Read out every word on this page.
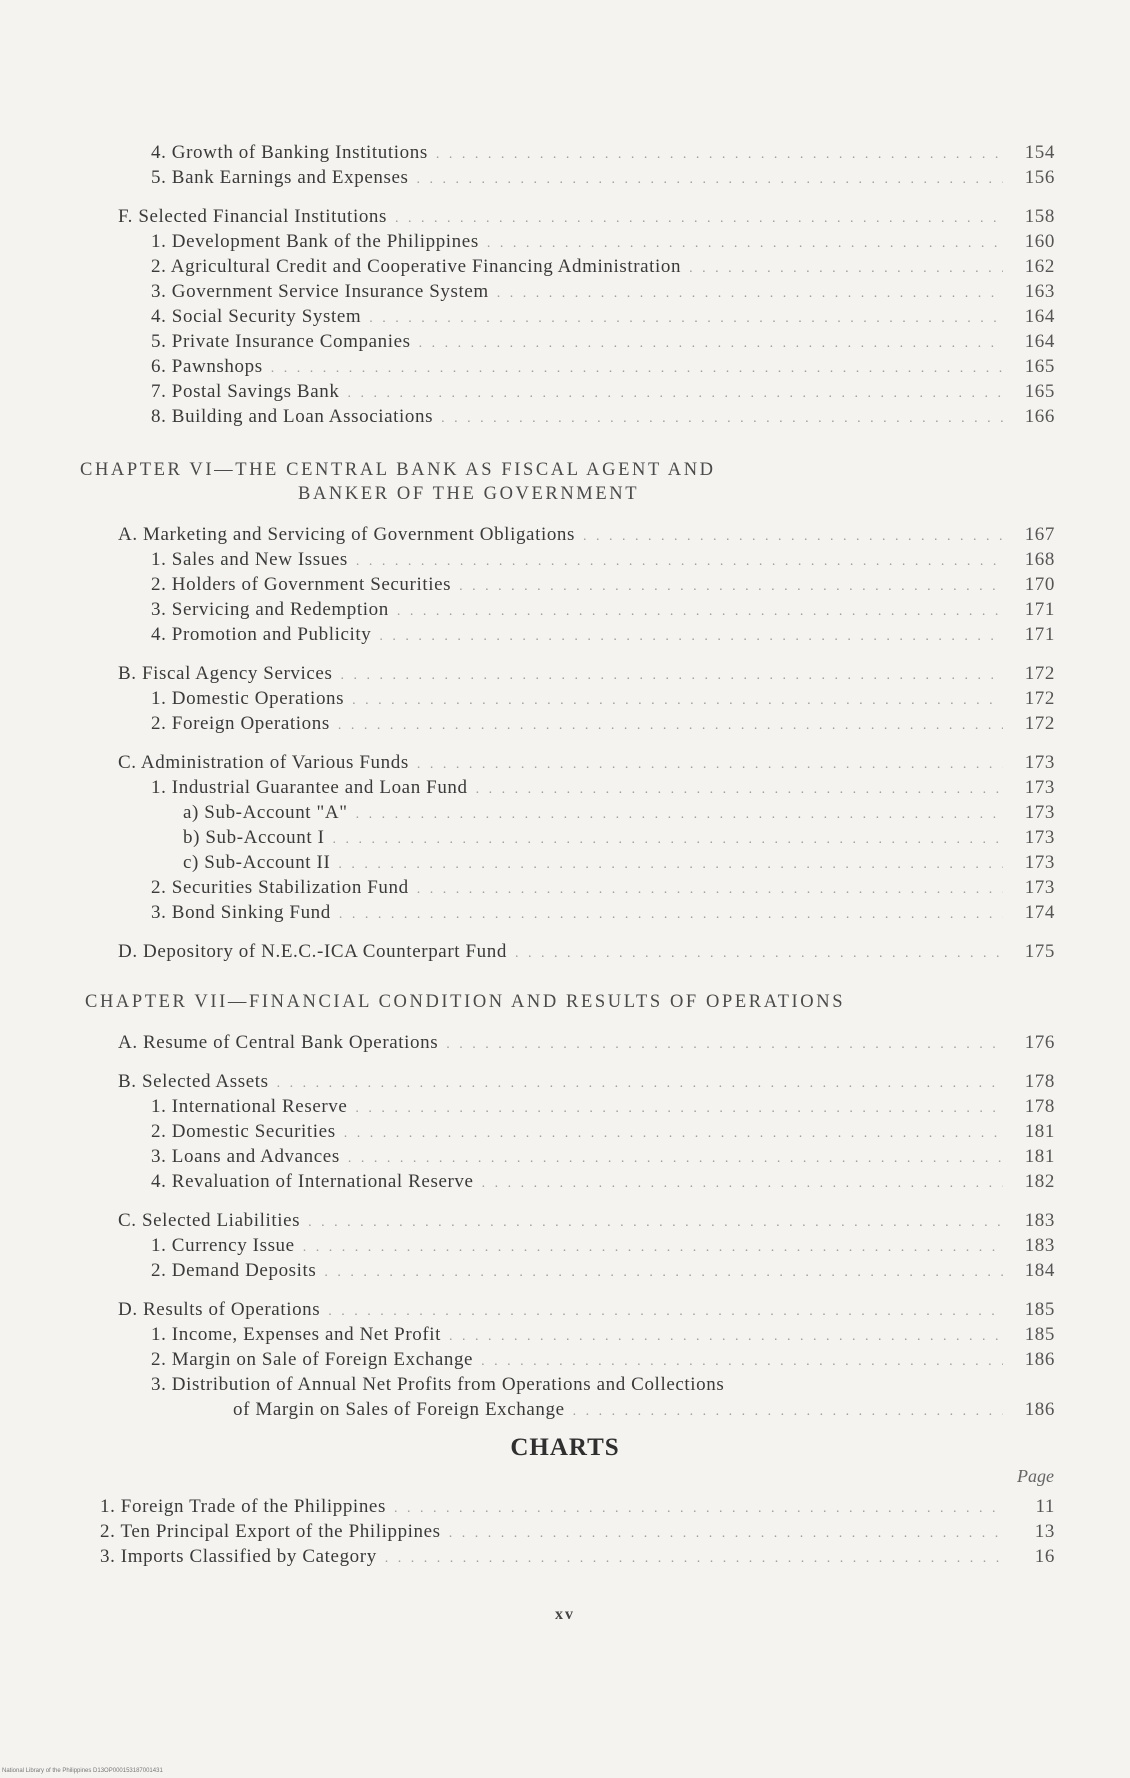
4. Growth of Banking Institutions . . .	154
5. Bank Earnings and Expenses . . .	156
F. Selected Financial Institutions . . .	158
1. Development Bank of the Philippines . . .	160
2. Agricultural Credit and Cooperative Financing Administration . . .	162
3. Government Service Insurance System . . .	163
4. Social Security System . . .	164
5. Private Insurance Companies . . .	164
6. Pawnshops . . .	165
7. Postal Savings Bank . . .	165
8. Building and Loan Associations . . .	166
CHAPTER VI—THE CENTRAL BANK AS FISCAL AGENT AND
BANKER OF THE GOVERNMENT
A. Marketing and Servicing of Government Obligations . . .	167
1. Sales and New Issues . . .	168
2. Holders of Government Securities . . .	170
3. Servicing and Redemption . . .	171
4. Promotion and Publicity . . .	171
B. Fiscal Agency Services . . .	172
1. Domestic Operations . . .	172
2. Foreign Operations . . .	172
C. Administration of Various Funds . . .	173
1. Industrial Guarantee and Loan Fund . . .	173
a) Sub-Account "A" . . .	173
b) Sub-Account I . . .	173
c) Sub-Account II . . .	173
2. Securities Stabilization Fund . . .	173
3. Bond Sinking Fund . . .	174
D. Depository of N.E.C.-ICA Counterpart Fund . . .	175
CHAPTER VII—FINANCIAL CONDITION AND RESULTS OF OPERATIONS
A. Resume of Central Bank Operations . . .	176
B. Selected Assets . . .	178
1. International Reserve . . .	178
2. Domestic Securities . . .	181
3. Loans and Advances . . .	181
4. Revaluation of International Reserve . . .	182
C. Selected Liabilities . . .	183
1. Currency Issue . . .	183
2. Demand Deposits . . .	184
D. Results of Operations . . .	185
1. Income, Expenses and Net Profit . . .	185
2. Margin on Sale of Foreign Exchange . . .	186
3. Distribution of Annual Net Profits from Operations and Collections
of Margin on Sales of Foreign Exchange . . .	186
CHARTS
Page
1. Foreign Trade of the Philippines . . .	11
2. Ten Principal Export of the Philippines . . .	13
3. Imports Classified by Category . . .	16
xv
National Library of the Philippines D13OP000153187001431
